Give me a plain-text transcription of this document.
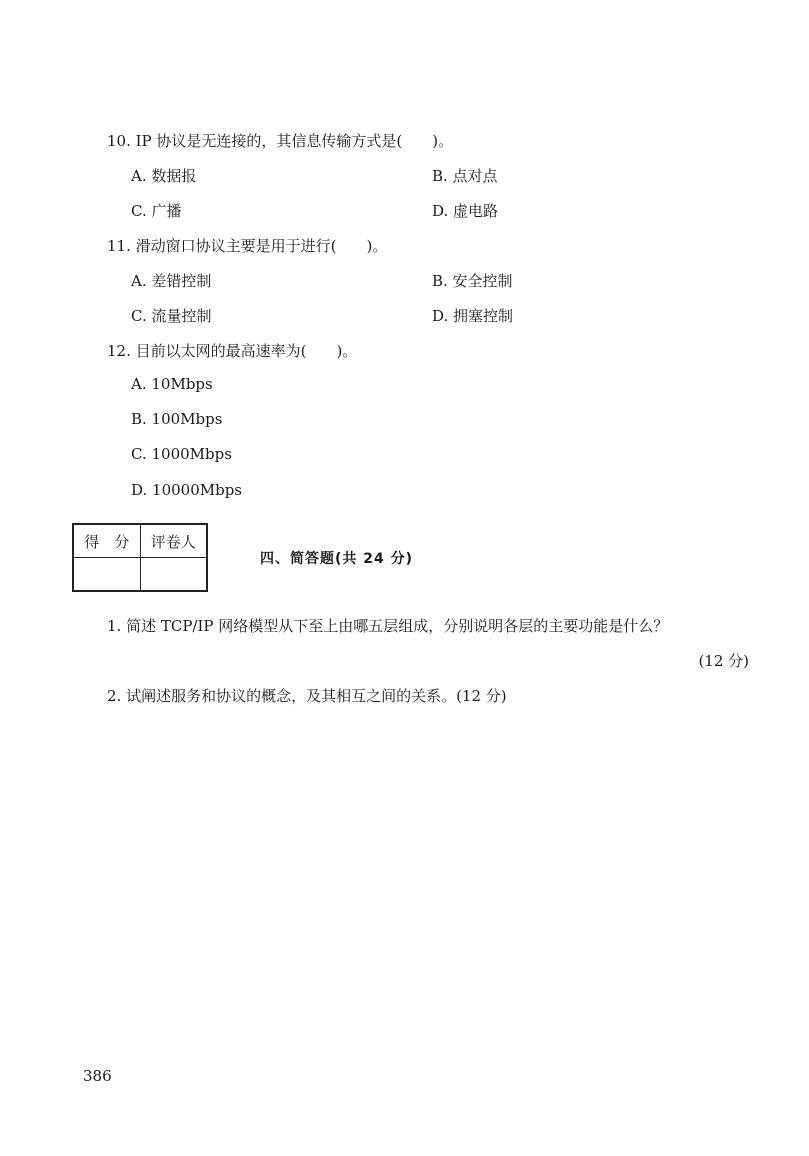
10. IP 协议是无连接的，其信息传输方式是(　　)。
A. 数据报	B. 点对点
C. 广播	D. 虚电路
11. 滑动窗口协议主要是用于进行(　　)。
A. 差错控制	B. 安全控制
C. 流量控制	D. 拥塞控制
12. 目前以太网的最高速率为(　　)。
A. 10Mbps
B. 100Mbps
C. 1000Mbps
D. 10000Mbps
得　分	评卷人

四、简答题(共 24 分)
1. 简述 TCP/IP 网络模型从下至上由哪五层组成，分别说明各层的主要功能是什么？
(12 分)
2. 试阐述服务和协议的概念，及其相互之间的关系。(12 分)
386
